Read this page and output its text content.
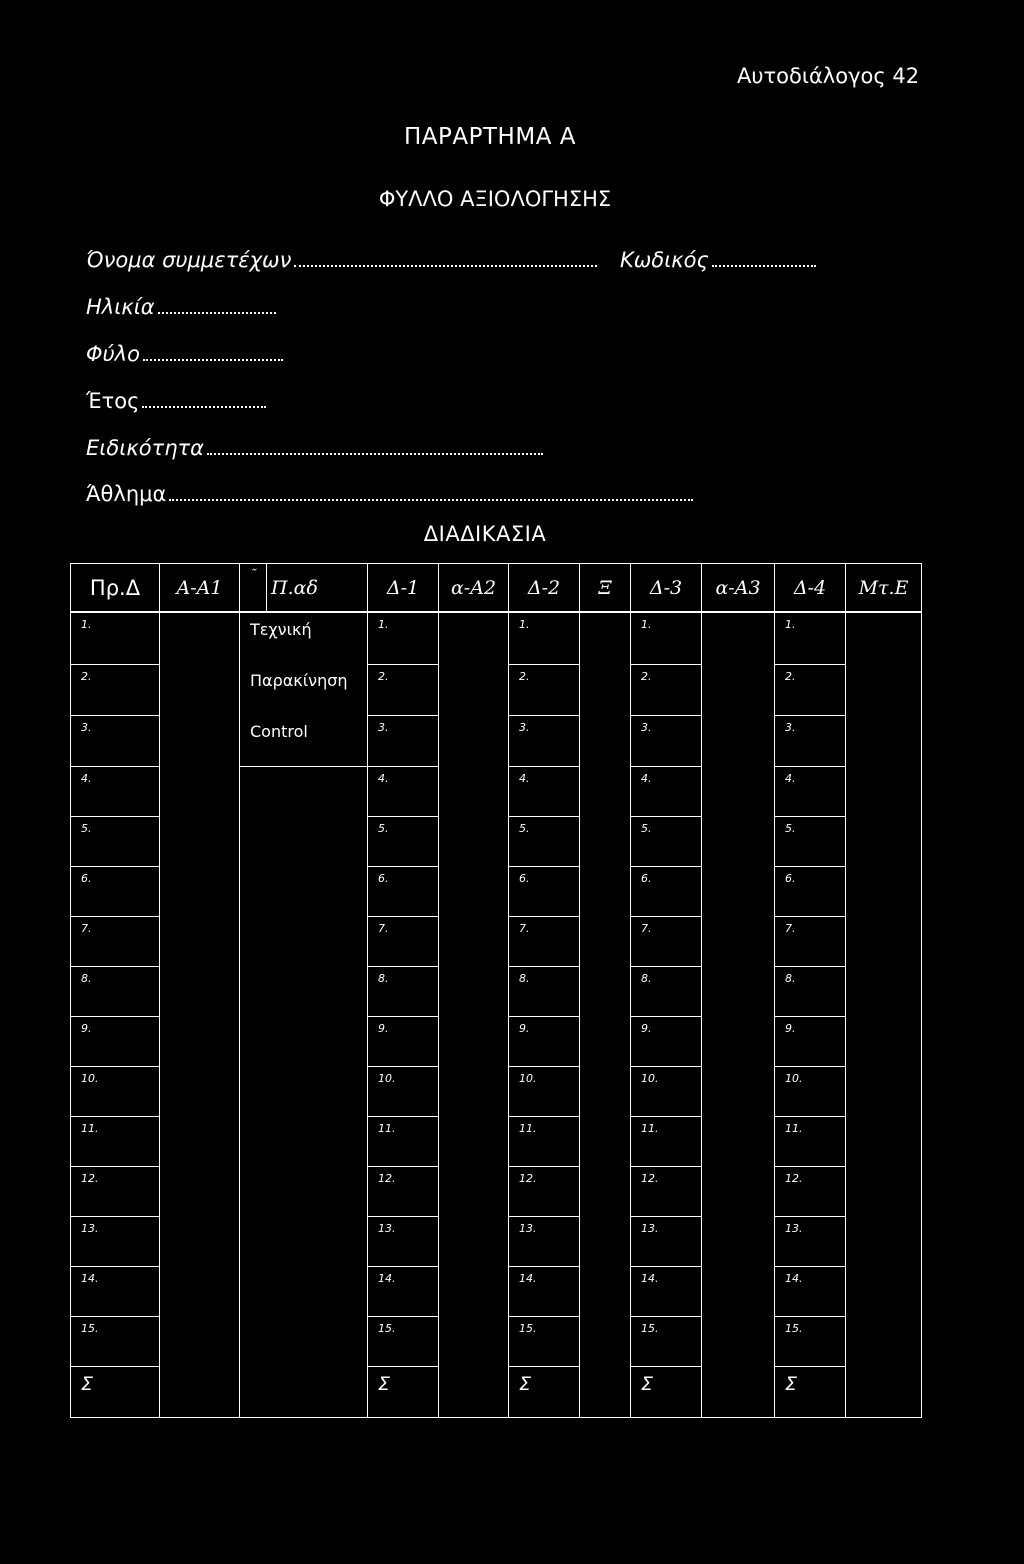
Αυτοδιάλογος 42
ΠΑΡΑΡΤΗΜΑ Α
ΦΥΛΛΟ ΑΞΙΟΛΟΓΗΣΗΣ
Όνομα συμμετέχων	Κωδικός
Ηλικία
Φύλο
Έτος
Ειδικότητα
Άθλημα
ΔΙΑΔΙΚΑΣΙΑ
Πρ.Δ	Α-Α1	˜	Π.αδ	Δ-1	α-Α2	Δ-2	Ξ	Δ-3	α-Α3	Δ-4	Μτ.Ε
1.		Τεχνική		1.		1.		1.		1.	
2.		Παρακίνηση		2.		2.		2.		2.	
3.		Control		3.		3.		3.		3.	
4.				4.		4.		4.		4.	
5.				5.		5.		5.		5.	
6.				6.		6.		6.		6.	
7.				7.		7.		7.		7.	
8.				8.		8.		8.		8.	
9.				9.		9.		9.		9.	
10.				10.		10.		10.		10.	
11.				11.		11.		11.		11.	
12.				12.		12.		12.		12.	
13.				13.		13.		13.		13.	
14.				14.		14.		14.		14.	
15.				15.		15.		15.		15.	
Σ				Σ		Σ		Σ		Σ	
